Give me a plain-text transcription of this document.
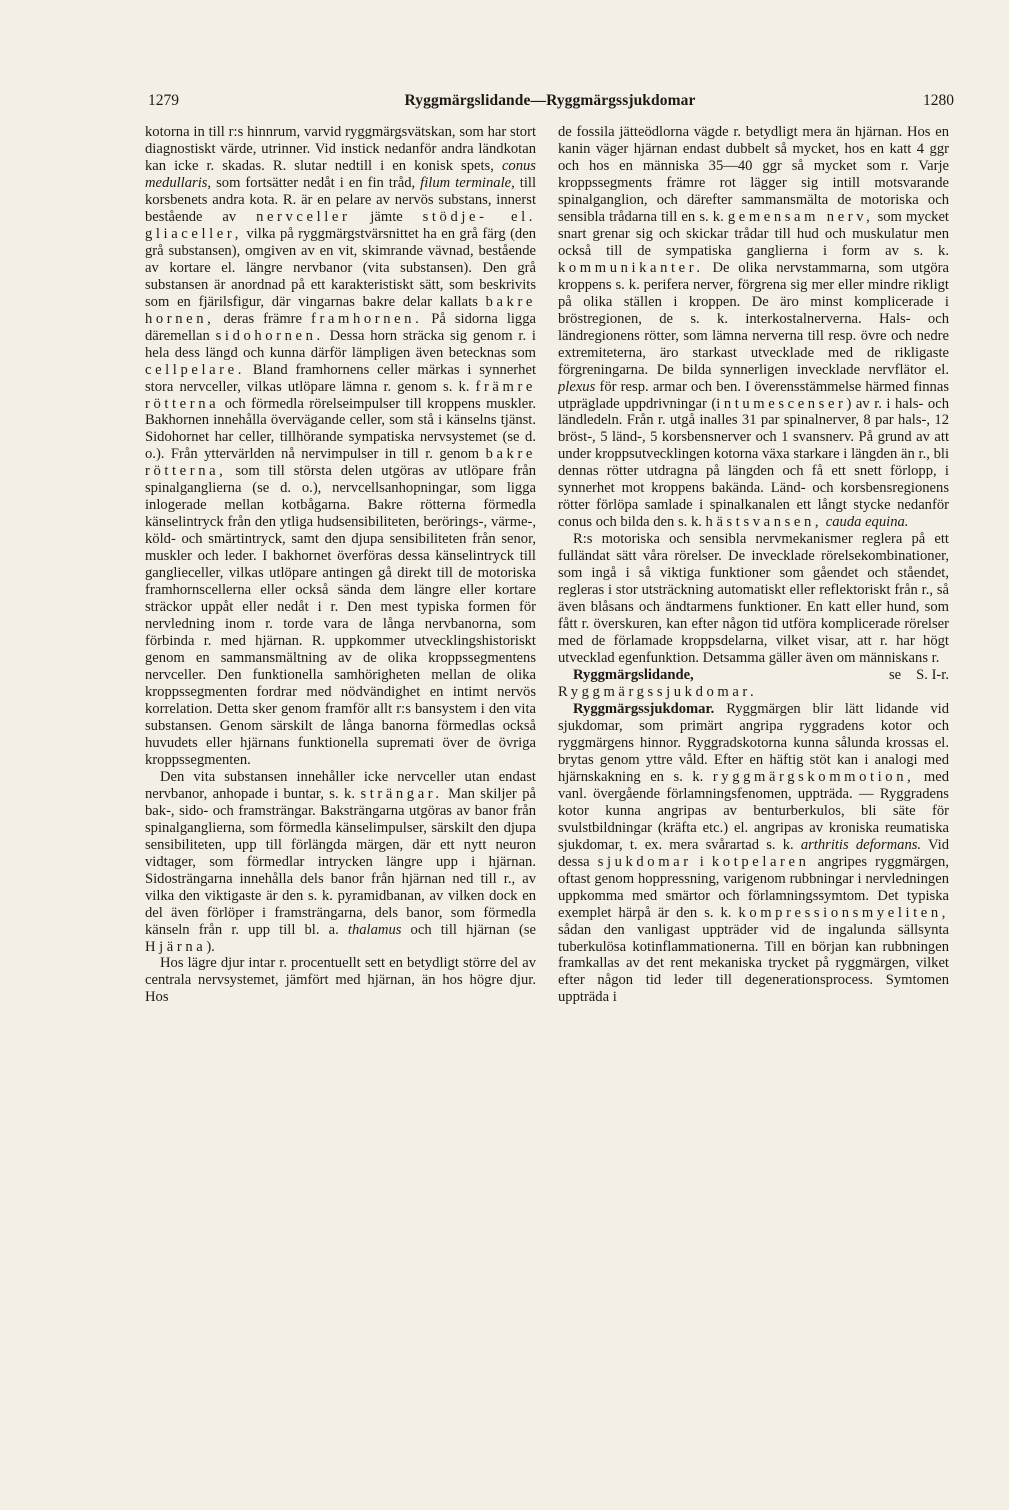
1279	Ryggmärgslidande—Ryggmärgssjukdomar	1280

kotorna in till r:s hinnrum, varvid ryggmärgsvätskan, som har stort diagnostiskt värde, utrinner. Vid instick nedanför andra ländkotan kan icke r. skadas. R. slutar nedtill i en konisk spets, conus medullaris, som fortsätter nedåt i en fin tråd, filum terminale, till korsbenets andra kota. R. är en pelare av nervös substans, innerst bestående av nervceller jämte stödje- el. gliaceller, vilka på ryggmärgstvärsnittet ha en grå färg (den grå substansen), omgiven av en vit, skimrande vävnad, bestående av kortare el. längre nervbanor (vita substansen). Den grå substansen är anordnad på ett karakteristiskt sätt, som beskrivits som en fjärilsfigur, där vingarnas bakre delar kallats bakre hornen, deras främre framhornen. På sidorna ligga däremellan sidohornen. Dessa horn sträcka sig genom r. i hela dess längd och kunna därför lämpligen även betecknas som cellpelare. Bland framhornens celler märkas i synnerhet stora nervceller, vilkas utlöpare lämna r. genom s. k. främre rötterna och förmedla rörelseimpulser till kroppens muskler. Bakhornen innehålla övervägande celler, som stå i känselns tjänst. Sidohornet har celler, tillhörande sympatiska nervsystemet (se d. o.). Från yttervärlden nå nervimpulser in till r. genom bakre rötterna, som till största delen utgöras av utlöpare från spinalganglierna (se d. o.), nervcellsanhopningar, som ligga inlogerade mellan kotbågarna. Bakre rötterna förmedla känselintryck från den ytliga hudsensibiliteten, berörings-, värme-, köld- och smärtintryck, samt den djupa sensibiliteten från senor, muskler och leder. I bakhornet överföras dessa känselintryck till ganglieceller, vilkas utlöpare antingen gå direkt till de motoriska framhornscellerna eller också sända dem längre eller kortare sträckor uppåt eller nedåt i r. Den mest typiska formen för nervledning inom r. torde vara de långa nervbanorna, som förbinda r. med hjärnan. R. uppkommer utvecklingshistoriskt genom en sammansmältning av de olika kroppssegmentens nervceller. Den funktionella samhörigheten mellan de olika kroppssegmenten fordrar med nödvändighet en intimt nervös korrelation. Detta sker genom framför allt r:s bansystem i den vita substansen. Genom särskilt de långa banorna förmedlas också huvudets eller hjärnans funktionella supremati över de övriga kroppssegmenten.

Den vita substansen innehåller icke nervceller utan endast nervbanor, anhopade i buntar, s. k. strängar. Man skiljer på bak-, sido- och framsträngar. Baksträngarna utgöras av banor från spinalganglierna, som förmedla känselimpulser, särskilt den djupa sensibiliteten, upp till förlängda märgen, där ett nytt neuron vidtager, som förmedlar intrycken längre upp i hjärnan. Sidosträngarna innehålla dels banor från hjärnan ned till r., av vilka den viktigaste är den s. k. pyramidbanan, av vilken dock en del även förlöper i framsträngarna, dels banor, som förmedla känseln från r. upp till bl. a. thalamus och till hjärnan (se Hjärna).

Hos lägre djur intar r. procentuellt sett en betydligt större del av centrala nervsystemet, jämfört med hjärnan, än hos högre djur. Hos

de fossila jätteödlorna vägde r. betydligt mera än hjärnan. Hos en kanin väger hjärnan endast dubbelt så mycket, hos en katt 4 ggr och hos en människa 35—40 ggr så mycket som r. Varje kroppssegments främre rot lägger sig intill motsvarande spinalganglion, och därefter sammansmälta de motoriska och sensibla trådarna till en s. k. gemensam nerv, som mycket snart grenar sig och skickar trådar till hud och muskulatur men också till de sympatiska ganglierna i form av s. k. kommunikanter. De olika nervstammarna, som utgöra kroppens s. k. perifera nerver, förgrena sig mer eller mindre rikligt på olika ställen i kroppen. De äro minst komplicerade i bröstregionen, de s. k. interkostalnerverna. Hals- och ländregionens rötter, som lämna nerverna till resp. övre och nedre extremiteterna, äro starkast utvecklade med de rikligaste förgreningarna. De bilda synnerligen invecklade nervflätor el. plexus för resp. armar och ben. I överensstämmelse härmed finnas utpräglade uppdrivningar (intumescenser) av r. i hals- och ländledeln. Från r. utgå inalles 31 par spinalnerver, 8 par hals-, 12 bröst-, 5 länd-, 5 korsbensnerver och 1 svansnerv. På grund av att under kroppsutvecklingen kotorna växa starkare i längden än r., bli dennas rötter utdragna på längden och få ett snett förlopp, i synnerhet mot kroppens bakända. Länd- och korsbensregionens rötter förlöpa samlade i spinalkanalen ett långt stycke nedanför conus och bilda den s. k. hästsvansen, cauda equina.

R:s motoriska och sensibla nervmekanismer reglera på ett fulländat sätt våra rörelser. De invecklade rörelsekombinationer, som ingå i så viktiga funktioner som gåendet och ståendet, regleras i stor utsträckning automatiskt eller reflektoriskt från r., så även blåsans och ändtarmens funktioner. En katt eller hund, som fått r. överskuren, kan efter någon tid utföra komplicerade rörelser med de förlamade kroppsdelarna, vilket visar, att r. har högt utvecklad egenfunktion. Detsamma gäller även om människans r.
S. I-r.

Ryggmärgslidande, se Ryggmärgssjukdomar.

Ryggmärgssjukdomar. Ryggmärgen blir lätt lidande vid sjukdomar, som primärt angripa ryggradens kotor och ryggmärgens hinnor. Ryggradskotorna kunna sålunda krossas el. brytas genom yttre våld. Efter en häftig stöt kan i analogi med hjärnskakning en s. k. ryggmärgskommotion, med vanl. övergående förlamningsfenomen, uppträda. — Ryggradens kotor kunna angripas av benturberkulos, bli säte för svulstbildningar (kräfta etc.) el. angripas av kroniska reumatiska sjukdomar, t. ex. mera svårartad s. k. arthritis deformans. Vid dessa sjukdomar i kotpelaren angripes ryggmärgen, oftast genom hoppressning, varigenom rubbningar i nervledningen uppkomma med smärtor och förlamningssymtom. Det typiska exemplet härpå är den s. k. kompressionsmyeliten, sådan den vanligast uppträder vid de ingalunda sällsynta tuberkulösa kotinflammationerna. Till en början kan rubbningen framkallas av det rent mekaniska trycket på ryggmärgen, vilket efter någon tid leder till degenerationsprocess. Symtomen uppträda i
